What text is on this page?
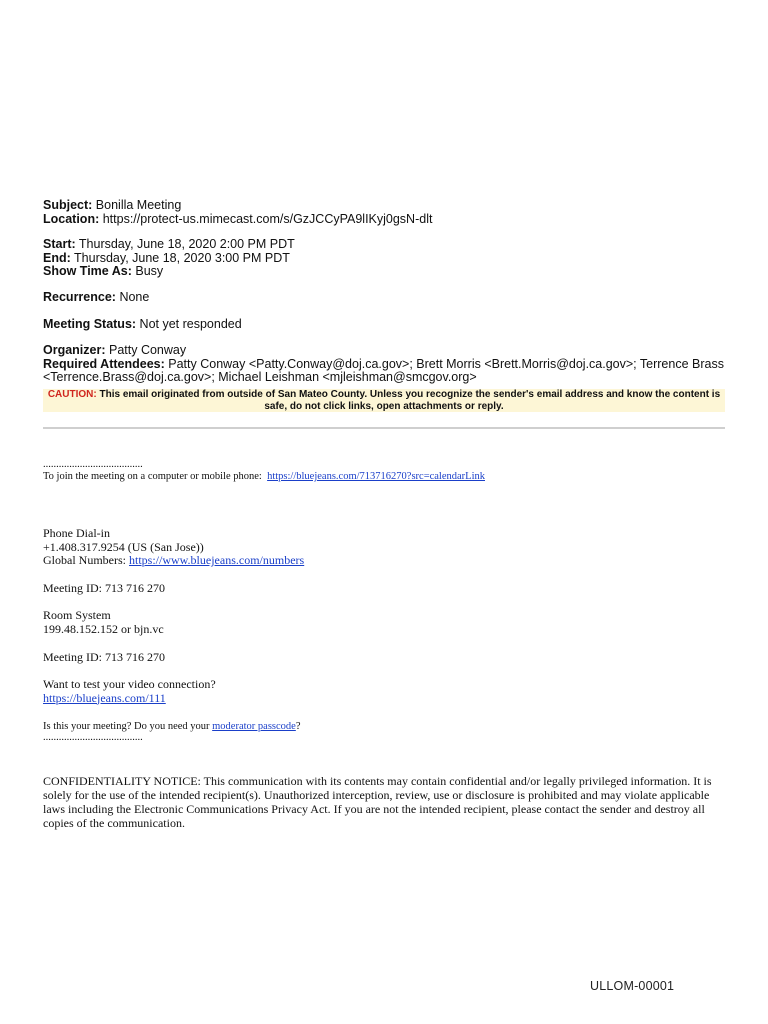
Subject: Bonilla Meeting
Location: https://protect-us.mimecast.com/s/GzJCCyPA9lIKyj0gsN-dlt
Start: Thursday, June 18, 2020 2:00 PM PDT
End: Thursday, June 18, 2020 3:00 PM PDT
Show Time As: Busy
Recurrence: None
Meeting Status: Not yet responded
Organizer: Patty Conway
Required Attendees: Patty Conway <Patty.Conway@doj.ca.gov>; Brett Morris <Brett.Morris@doj.ca.gov>; Terrence Brass
<Terrence.Brass@doj.ca.gov>; Michael Leishman <mjleishman@smcgov.org>
CAUTION: This email originated from outside of San Mateo County. Unless you recognize the sender's email address and know the content is
safe, do not click links, open attachments or reply.
......................................
To join the meeting on a computer or mobile phone: https://bluejeans.com/713716270?src=calendarLink
Phone Dial-in
+1.408.317.9254 (US (San Jose))
Global Numbers: https://www.bluejeans.com/numbers
Meeting ID: 713 716 270
Room System
199.48.152.152 or bjn.vc
Meeting ID: 713 716 270
Want to test your video connection?
https://bluejeans.com/111
Is this your meeting? Do you need your moderator passcode?
......................................
CONFIDENTIALITY NOTICE: This communication with its contents may contain confidential and/or legally privileged information. It is solely for the use of the intended recipient(s). Unauthorized interception, review, use or disclosure is prohibited and may violate applicable laws including the Electronic Communications Privacy Act. If you are not the intended recipient, please contact the sender and destroy all copies of the communication.
ULLOM-00001
